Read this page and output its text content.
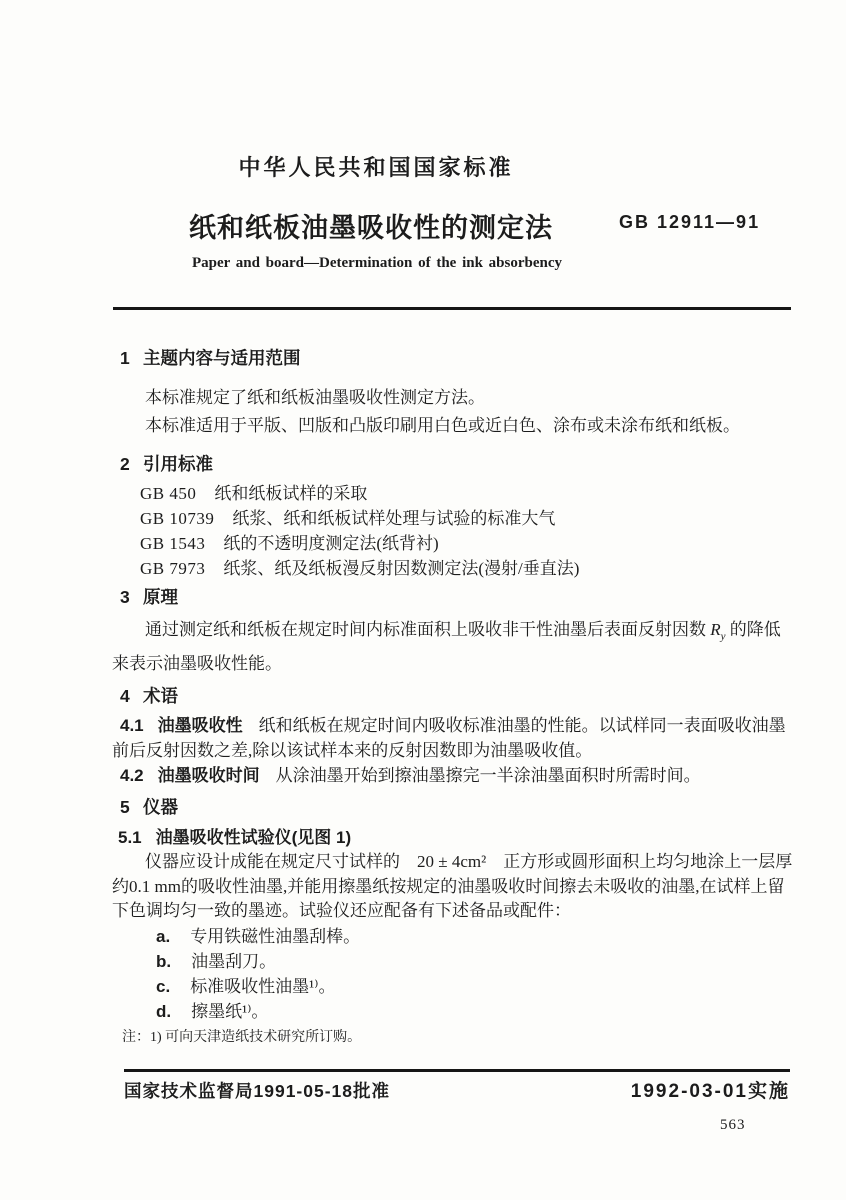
中华人民共和国国家标准
纸和纸板油墨吸收性的测定法	GB 12911—91
Paper and board—Determination of the ink absorbency
1 主题内容与适用范围

本标准规定了纸和纸板油墨吸收性测定方法。

本标准适用于平版、凹版和凸版印刷用白色或近白色、涂布或未涂布纸和纸板。

2 引用标准
GB 450 纸和纸板试样的采取
GB 10739 纸浆、纸和纸板试样处理与试验的标准大气
GB 1543 纸的不透明度测定法(纸背衬)
GB 7973 纸浆、纸及纸板漫反射因数测定法(漫射/垂直法)
3 原理

通过测定纸和纸板在规定时间内标准面积上吸收非干性油墨后表面反射因数 $R_y$ 的降低来表示油墨吸收性能。

4 术语

4.1 油墨吸收性 纸和纸板在规定时间内吸收标准油墨的性能。以试样同一表面吸收油墨前后反射因数之差,除以该试样本来的反射因数即为油墨吸收值。

4.2 油墨吸收时间 从涂油墨开始到擦油墨擦完一半涂油墨面积时所需时间。

5 仪器

5.1 油墨吸收性试验仪(见图 1)

仪器应设计成能在规定尺寸试样的　20 ± 4cm²　正方形或圆形面积上均匀地涂上一层厚约0.1 mm的吸收性油墨,并能用擦墨纸按规定的油墨吸收时间擦去未吸收的油墨,在试样上留下色调均匀一致的墨迹。试验仪还应配备有下述备品或配件：

a. 专用铁磁性油墨刮棒。
b. 油墨刮刀。
c. 标准吸收性油墨¹⁾。
d. 擦墨纸¹⁾。

注：1) 可向天津造纸技术研究所订购。

国家技术监督局1991-05-18批准	1992-03-01实施
563
